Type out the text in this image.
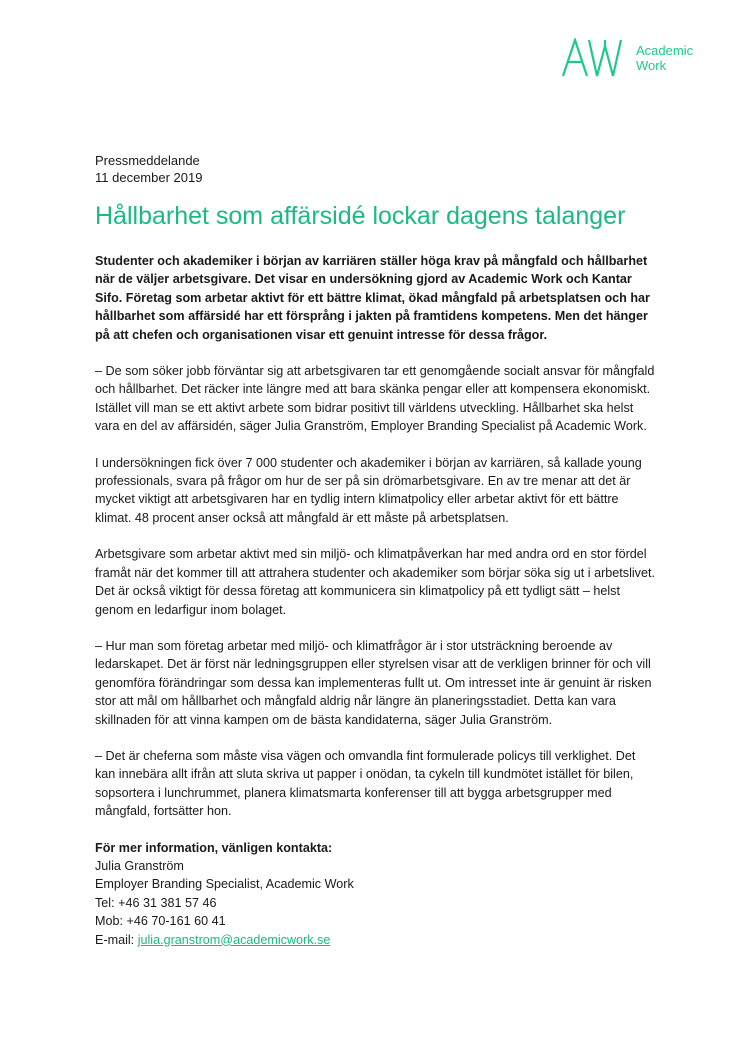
Academic
Work
Pressmeddelande
11 december 2019
Hållbarhet som affärsidé lockar dagens talanger

Studenter och akademiker i början av karriären ställer höga krav på mångfald och hållbarhet när de väljer arbetsgivare. Det visar en undersökning gjord av Academic Work och Kantar Sifo. Företag som arbetar aktivt för ett bättre klimat, ökad mångfald på arbetsplatsen och har hållbarhet som affärsidé har ett försprång i jakten på framtidens kompetens. Men det hänger på att chefen och organisationen visar ett genuint intresse för dessa frågor.

– De som söker jobb förväntar sig att arbetsgivaren tar ett genomgående socialt ansvar för mångfald och hållbarhet. Det räcker inte längre med att bara skänka pengar eller att kompensera ekonomiskt. Istället vill man se ett aktivt arbete som bidrar positivt till världens utveckling. Hållbarhet ska helst vara en del av affärsidén, säger Julia Granström, Employer Branding Specialist på Academic Work.

I undersökningen fick över 7 000 studenter och akademiker i början av karriären, så kallade young professionals, svara på frågor om hur de ser på sin drömarbetsgivare. En av tre menar att det är mycket viktigt att arbetsgivaren har en tydlig intern klimatpolicy eller arbetar aktivt för ett bättre klimat. 48 procent anser också att mångfald är ett måste på arbetsplatsen.

Arbetsgivare som arbetar aktivt med sin miljö- och klimatpåverkan har med andra ord en stor fördel framåt när det kommer till att attrahera studenter och akademiker som börjar söka sig ut i arbetslivet. Det är också viktigt för dessa företag att kommunicera sin klimatpolicy på ett tydligt sätt – helst genom en ledarfigur inom bolaget.

– Hur man som företag arbetar med miljö- och klimatfrågor är i stor utsträckning beroende av ledarskapet. Det är först när ledningsgruppen eller styrelsen visar att de verkligen brinner för och vill genomföra förändringar som dessa kan implementeras fullt ut. Om intresset inte är genuint är risken stor att mål om hållbarhet och mångfald aldrig når längre än planeringsstadiet. Detta kan vara skillnaden för att vinna kampen om de bästa kandidaterna, säger Julia Granström.

– Det är cheferna som måste visa vägen och omvandla fint formulerade policys till verklighet. Det kan innebära allt ifrån att sluta skriva ut papper i onödan, ta cykeln till kundmötet istället för bilen, sopsortera i lunchrummet, planera klimatsmarta konferenser till att bygga arbetsgrupper med mångfald, fortsätter hon.

För mer information, vänligen kontakta:
Julia Granström
Employer Branding Specialist, Academic Work
Tel: +46 31 381 57 46
Mob: +46 70-161 60 41
E-mail: julia.granstrom@academicwork.se
